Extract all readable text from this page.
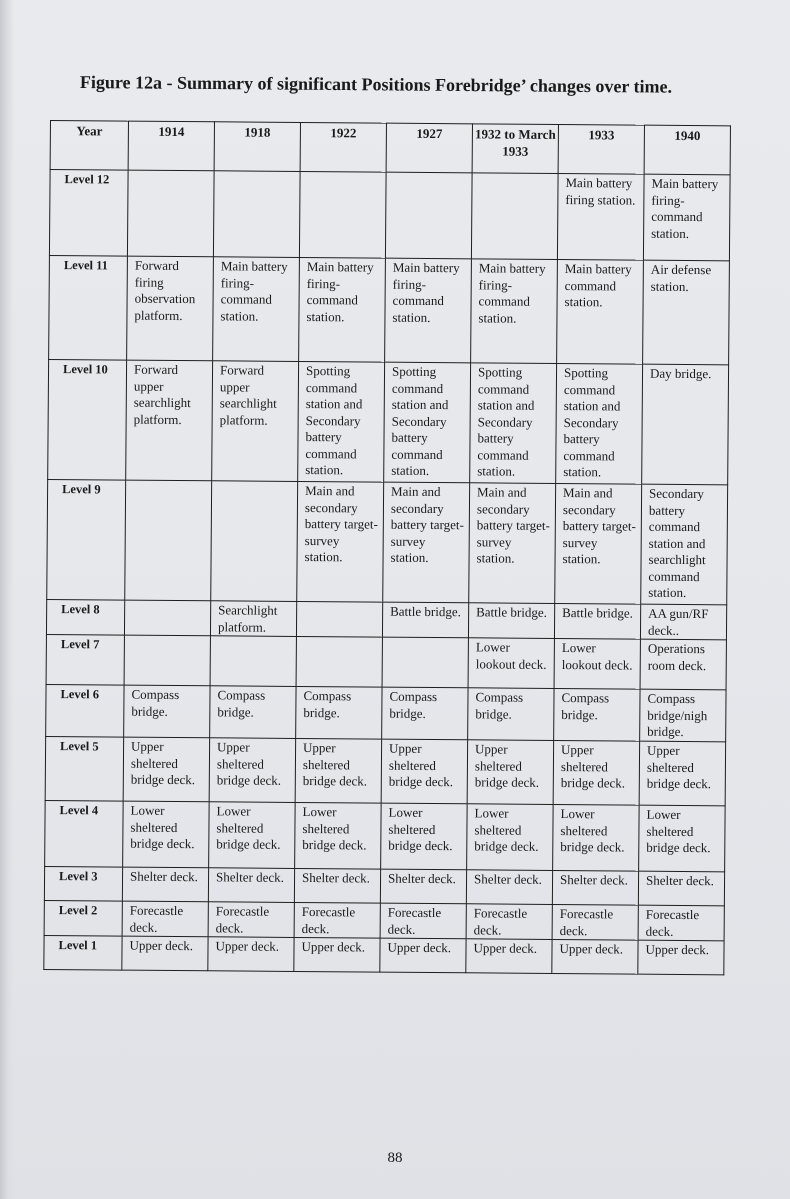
Figure 12a - Summary of significant Positions Forebridge’ changes over time.
Year	1914	1918	1922	1927	1932 to March 1933	1933	1940
Level 12						Main battery firing station.	Main battery firing-command station.
Level 11	Forward firing observation platform.	Main battery firing-command station.	Main battery firing-command station.	Main battery firing-command station.	Main battery firing-command station.	Main battery command station.	Air defense station.
Level 10	Forward upper searchlight platform.	Forward upper searchlight platform.	Spotting command station and Secondary battery command station.	Spotting command station and Secondary battery command station.	Spotting command station and Secondary battery command station.	Spotting command station and Secondary battery command station.	Day bridge.
Level 9			Main and secondary battery target-survey station.	Main and secondary battery target-survey station.	Main and secondary battery target-survey station.	Main and secondary battery target-survey station.	Secondary battery command station and searchlight command station.
Level 8		Searchlight platform.		Battle bridge.	Battle bridge.	Battle bridge.	AA gun/RF deck..
Level 7					Lower lookout deck.	Lower lookout deck.	Operations room deck.
Level 6	Compass bridge.	Compass bridge.	Compass bridge.	Compass bridge.	Compass bridge.	Compass bridge.	Compass bridge/nigh bridge.
Level 5	Upper sheltered bridge deck.	Upper sheltered bridge deck.	Upper sheltered bridge deck.	Upper sheltered bridge deck.	Upper sheltered bridge deck.	Upper sheltered bridge deck.	Upper sheltered bridge deck.
Level 4	Lower sheltered bridge deck.	Lower sheltered bridge deck.	Lower sheltered bridge deck.	Lower sheltered bridge deck.	Lower sheltered bridge deck.	Lower sheltered bridge deck.	Lower sheltered bridge deck.
Level 3	Shelter deck.	Shelter deck.	Shelter deck.	Shelter deck.	Shelter deck.	Shelter deck.	Shelter deck.
Level 2	Forecastle deck.	Forecastle deck.	Forecastle deck.	Forecastle deck.	Forecastle deck.	Forecastle deck.	Forecastle deck.
Level 1	Upper deck.	Upper deck.	Upper deck.	Upper deck.	Upper deck.	Upper deck.	Upper deck.

88
